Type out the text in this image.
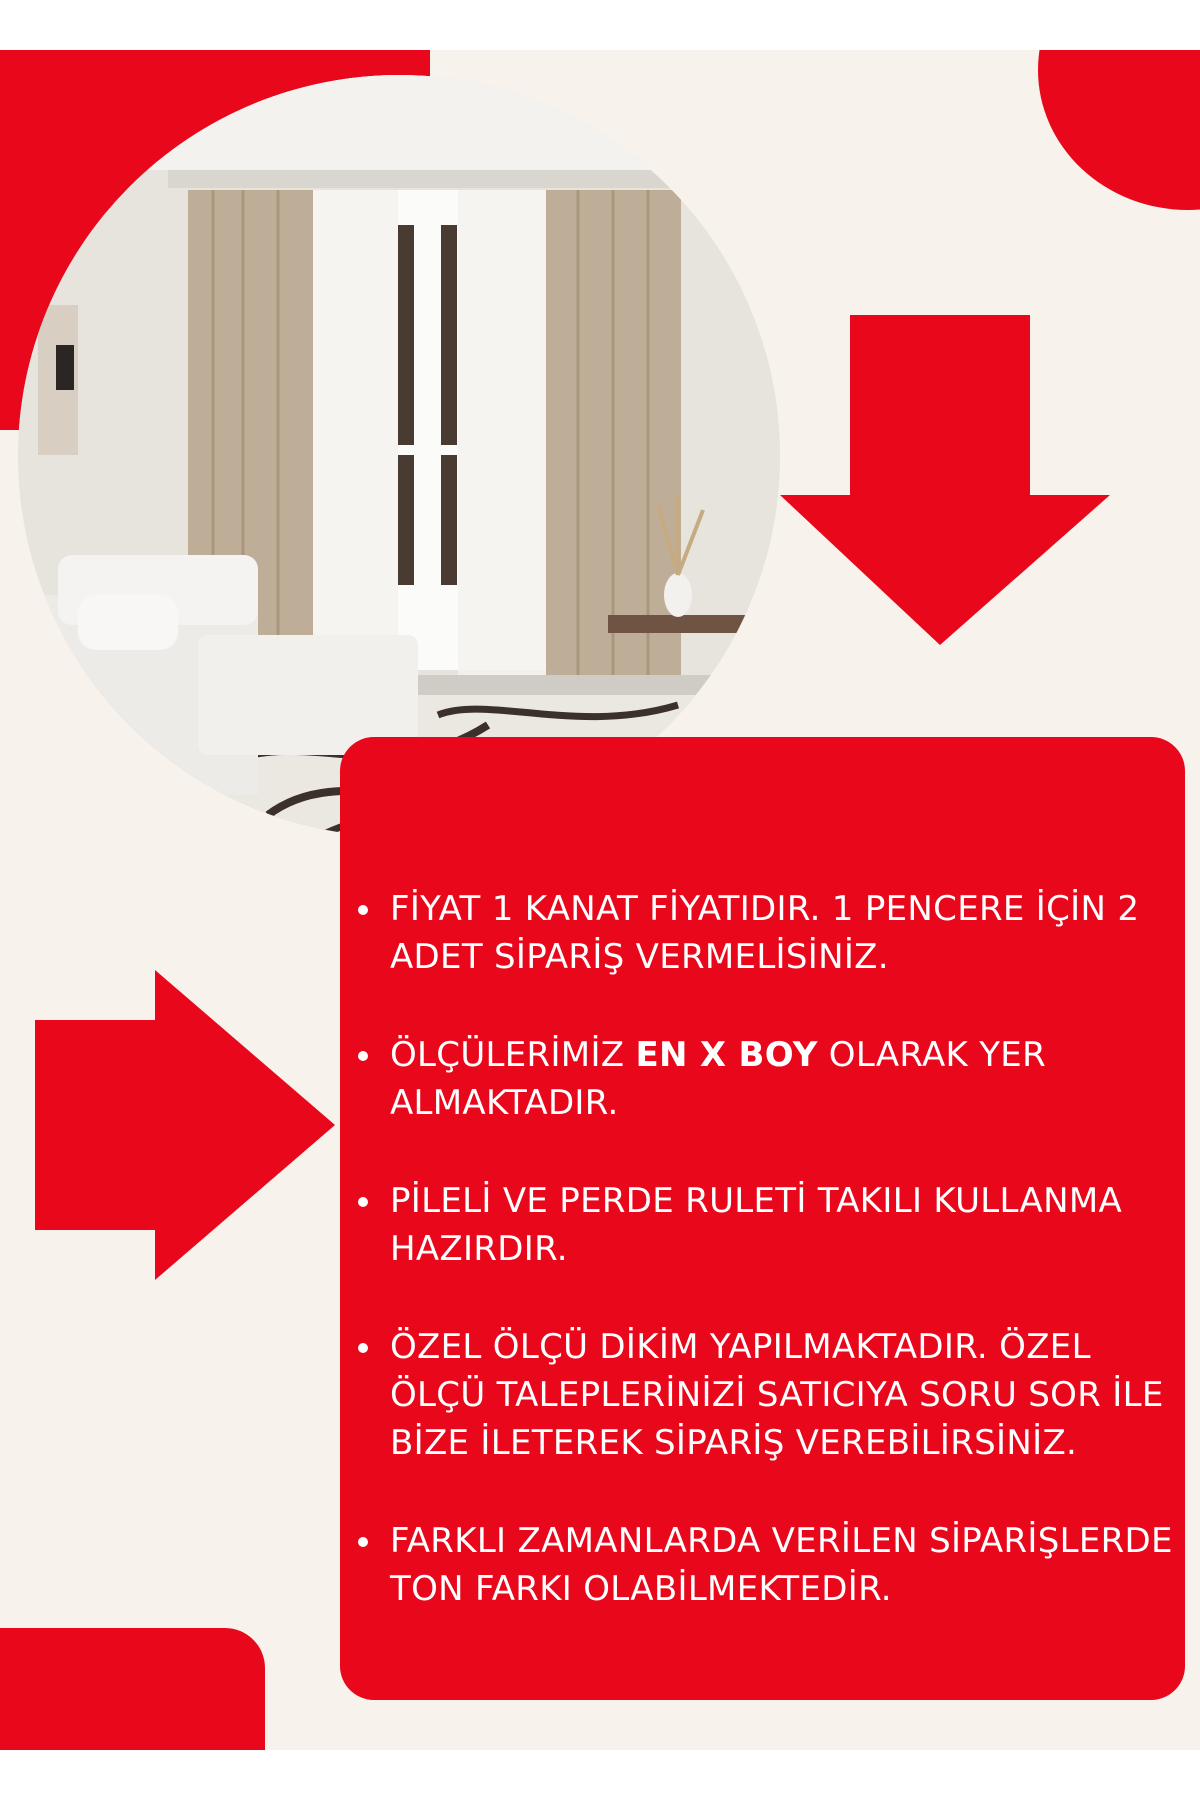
FİYAT 1 KANAT FİYATIDIR. 1 PENCERE İÇİN 2 ADET SİPARİŞ VERMELİSİNİZ.
ÖLÇÜLERİMİZ EN X BOY OLARAK YER ALMAKTADIR.
PİLELİ VE PERDE RULETİ TAKILI KULLANMA HAZIRDIR.
ÖZEL ÖLÇÜ DİKİM YAPILMAKTADIR. ÖZEL ÖLÇÜ TALEPLERİNİZİ SATICIYA SORU SOR İLE BİZE İLETEREK SİPARİŞ VEREBİLİRSİNİZ.
FARKLI ZAMANLARDA VERİLEN SİPARİŞLERDE TON FARKI OLABİLMEKTEDİR.
